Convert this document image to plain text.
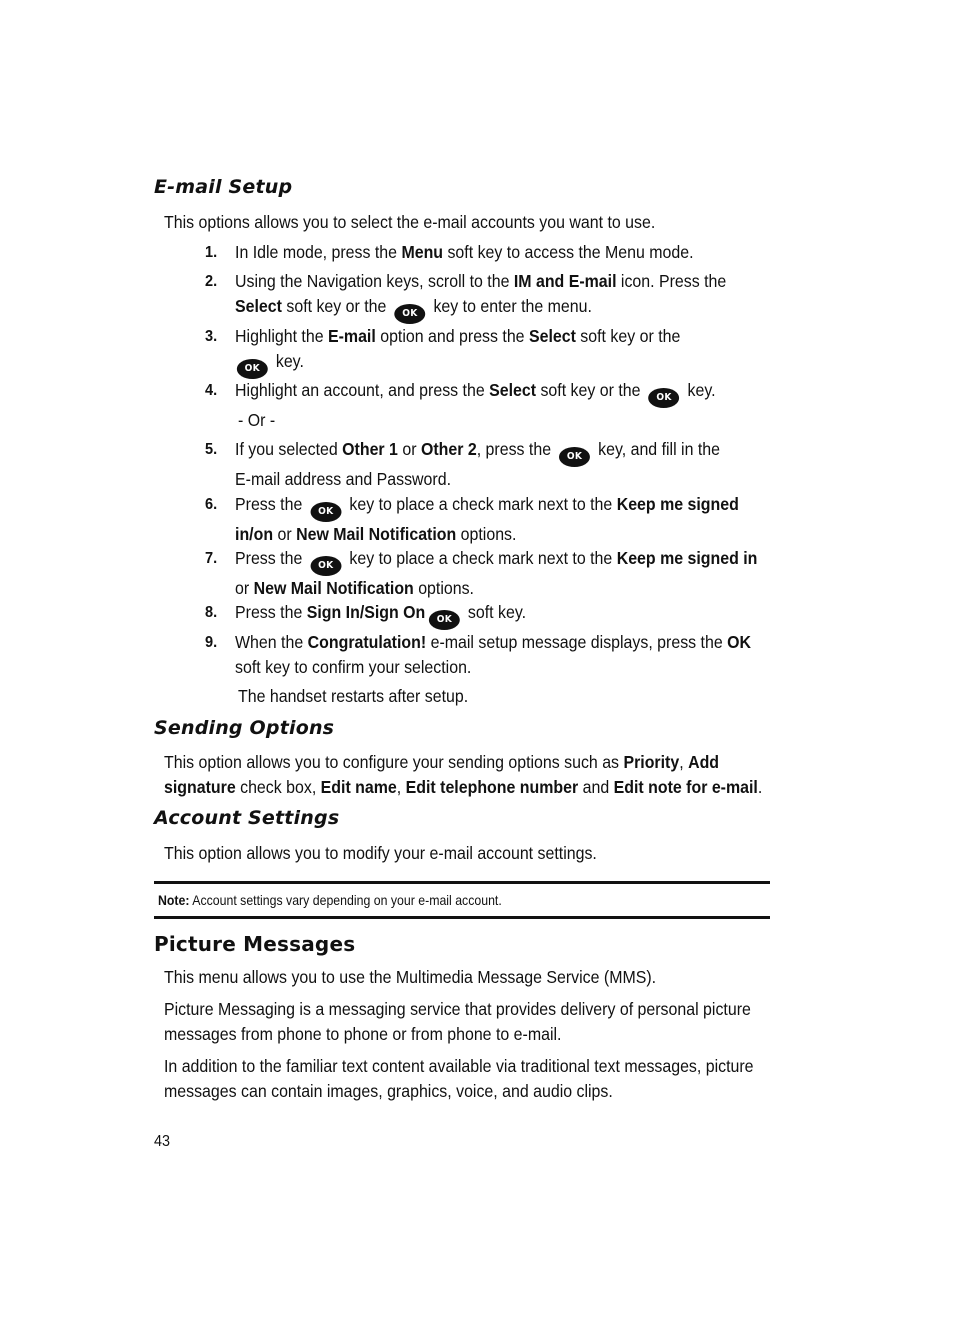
E-mail Setup

This options allows you to select the e-mail accounts you want to use.

1. In Idle mode, press the Menu soft key to access the Menu mode.
2. Using the Navigation keys, scroll to the IM and E-mail icon. Press the
Select soft key or the OK key to enter the menu.
3. Highlight the E-mail option and press the Select soft key or the
OK key.
4. Highlight an account, and press the Select soft key or the OK key.

- Or -

5. If you selected Other 1 or Other 2, press the OK key, and fill in the
E-mail address and Password.
6. Press the OK key to place a check mark next to the Keep me signed
in/on or New Mail Notification options.
7. Press the OK key to place a check mark next to the Keep me signed in
or New Mail Notification options.
8. Press the Sign In/Sign On OK soft key.
9. When the Congratulation! e-mail setup message displays, press the OK
soft key to confirm your selection.

The handset restarts after setup.

Sending Options

This option allows you to configure your sending options such as Priority, Add
signature check box, Edit name, Edit telephone number and Edit note for e-mail.

Account Settings

This option allows you to modify your e-mail account settings.

Note: Account settings vary depending on your e-mail account.

Picture Messages

This menu allows you to use the Multimedia Message Service (MMS).

Picture Messaging is a messaging service that provides delivery of personal picture
messages from phone to phone or from phone to e-mail.

In addition to the familiar text content available via traditional text messages, picture
messages can contain images, graphics, voice, and audio clips.

43
